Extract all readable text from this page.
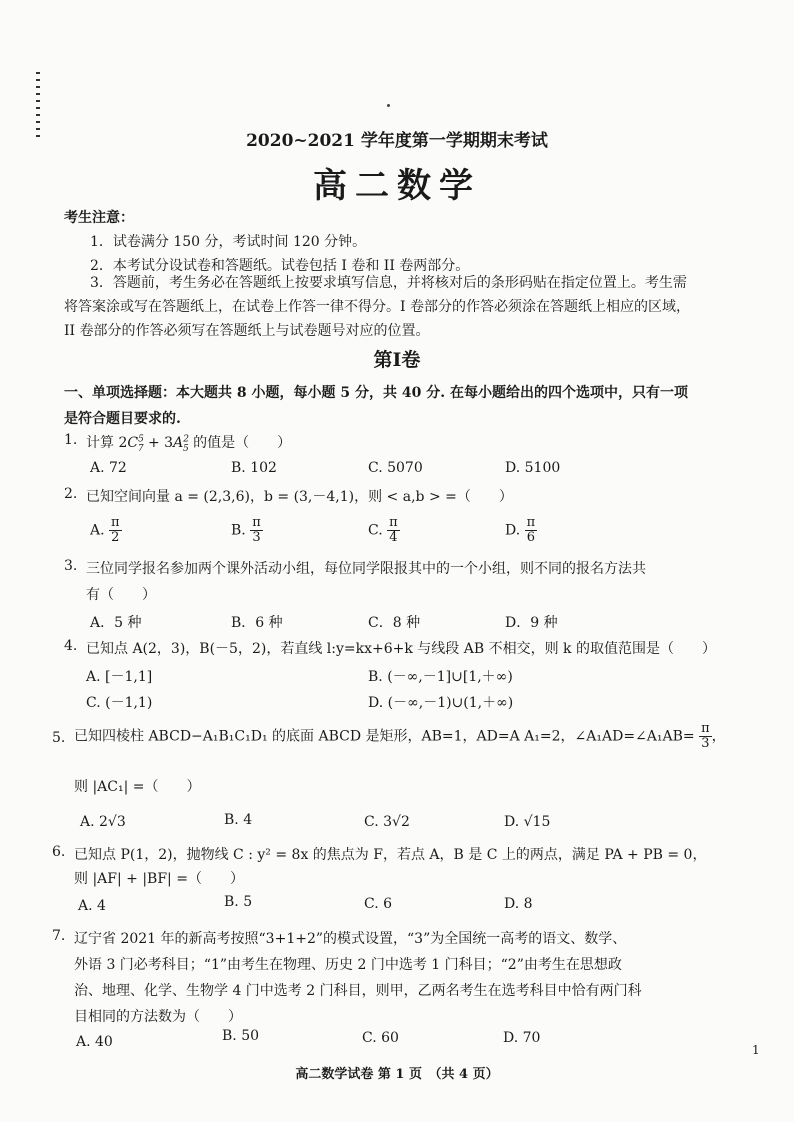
2020~2021 学年度第一学期期末考试
高二数学
考生注意：
1．试卷满分 150 分，考试时间 120 分钟。
2．本考试分设试卷和答题纸。试卷包括 I 卷和 II 卷两部分。
3．答题前，考生务必在答题纸上按要求填写信息，并将核对后的条形码贴在指定位置上。考生需将答案涂或写在答题纸上，在试卷上作答一律不得分。I 卷部分的作答必须涂在答题纸上相应的区域，II 卷部分的作答必须写在答题纸上与试卷题号对应的位置。
第Ⅰ卷
一、单项选择题：本大题共 8 小题，每小题 5 分，共 40 分. 在每小题给出的四个选项中，只有一项是符合题目要求的.
1. 计算 $2C^5_7 + 3A^2_5$ 的值是（　　）
A. 72	B. 102	C. 5070	D. 5100
2. 已知空间向量 a = (2,3,6)，b = (3,－4,1)，则 < a,b > =（　　）
A. $\frac{\pi}{2}$	B. $\frac{\pi}{3}$	C. $\frac{\pi}{4}$	D. $\frac{\pi}{6}$
3. 三位同学报名参加两个课外活动小组，每位同学限报其中的一个小组，则不同的报名方法共
有（　　）
A．5 种	B．6 种	C．8 种	D．9 种
4. 已知点 A(2，3)，B(－5，2)，若直线 l:y=kx+6+k 与线段 AB 不相交，则 k 的取值范围是（　　）
A. [－1,1]	B. (－∞,－1]∪[1,＋∞)
C. (－1,1)	D. (－∞,－1)∪(1,＋∞)
5. 已知四棱柱 ABCD−A₁B₁C₁D₁ 的底面 ABCD 是矩形，AB=1，AD=A A₁=2，∠A₁AD=∠A₁AB= $\frac{\pi}{3}$ ，
则 |AC₁| =（　　）
A. 2√3	B. 4	C. 3√2	D. √15
6. 已知点 P(1，2)，抛物线 C : y² = 8x 的焦点为 F，若点 A，B 是 C 上的两点，满足 PA + PB = 0，
则 |AF| + |BF| =（　　）
A. 4	B. 5	C. 6	D. 8
7. 辽宁省 2021 年的新高考按照“3+1+2”的模式设置，“3”为全国统一高考的语文、数学、
外语 3 门必考科目；“1”由考生在物理、历史 2 门中选考 1 门科目；“2”由考生在思想政
治、地理、化学、生物学 4 门中选考 2 门科目，则甲，乙两名考生在选考科目中恰有两门科
目相同的方法数为（　　）
A. 40	B. 50	C. 60	D. 70
1
高二数学试卷 第 1 页　（共 4 页）
